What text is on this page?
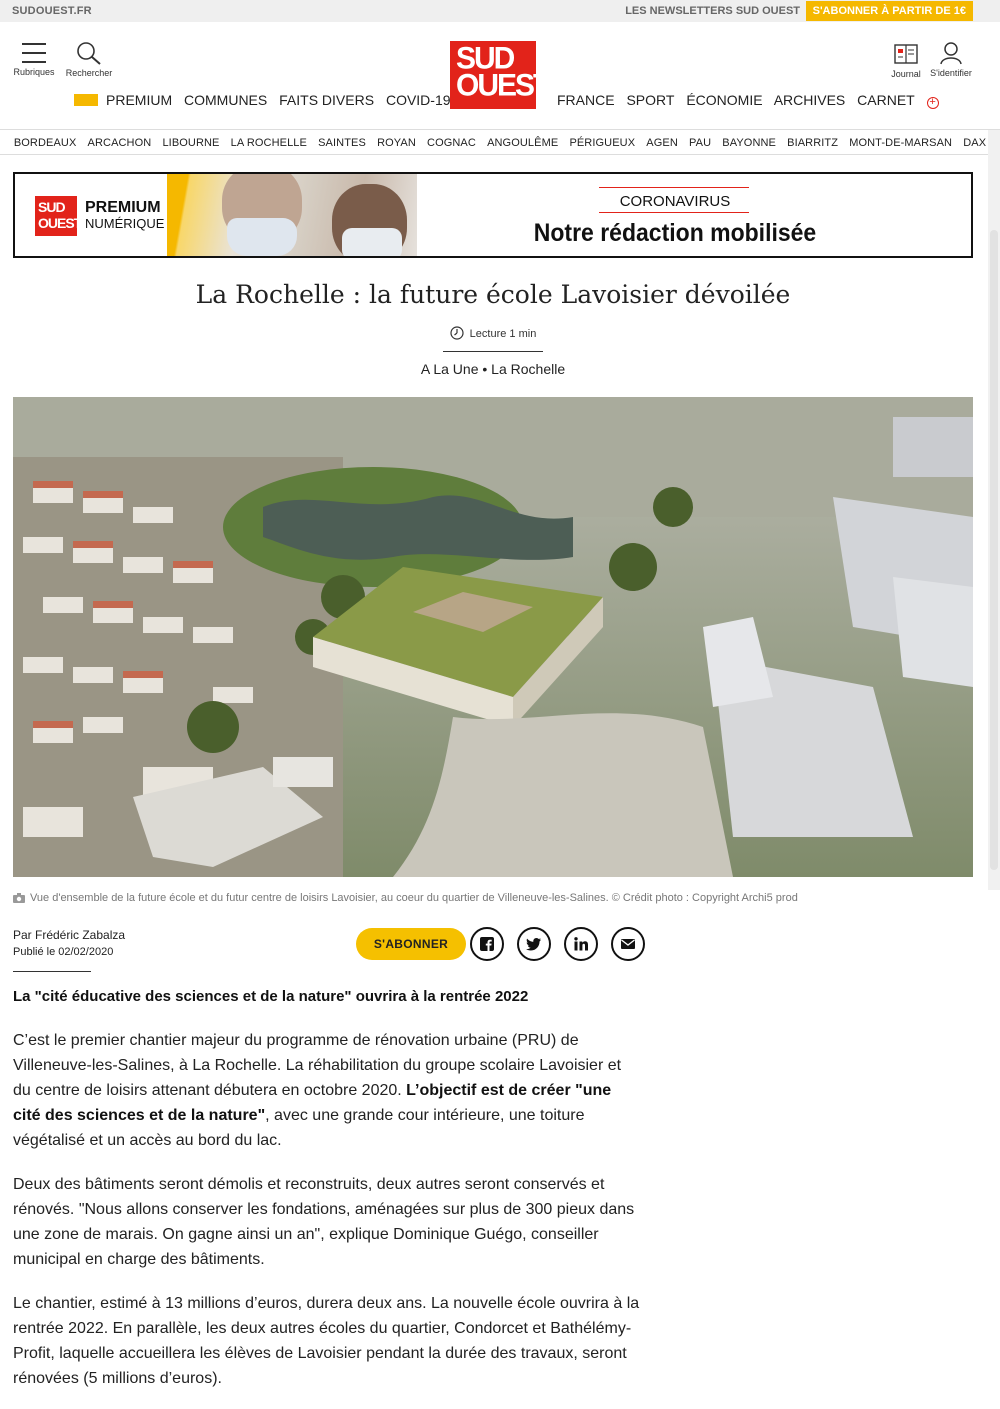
SUDOUEST.FR	LES NEWSLETTERS SUD OUEST	S'ABONNER À PARTIR DE 1€
Rubriques	Rechercher	SUD
OUEST	Journal	S'identifier
PREMIUM COMMUNES FAITS DIVERS COVID-19	FRANCE SPORT ÉCONOMIE ARCHIVES CARNET +
BORDEAUX ARCACHON LIBOURNE LA ROCHELLE SAINTES ROYAN COGNAC ANGOULÊME PÉRIGUEUX AGEN PAU BAYONNE BIARRITZ MONT-DE-MARSAN DAX
SUD
OUEST
PREMIUM
NUMÉRIQUE
CORONAVIRUS
Notre rédaction mobilisée
La Rochelle : la future école Lavoisier dévoilée
Lecture 1 min
A La Une • La Rochelle
Vue d'ensemble de la future école et du futur centre de loisirs Lavoisier, au coeur du quartier de Villeneuve-les-Salines. © Crédit photo : Copyright Archi5 prod
Par Frédéric Zabalza
Publié le 02/02/2020
S'ABONNER
La "cité éducative des sciences et de la nature" ouvrira à la rentrée 2022

C’est le premier chantier majeur du programme de rénovation urbaine (PRU) de Villeneuve-les-Salines, à La Rochelle. La réhabilitation du groupe scolaire Lavoisier et du centre de loisirs attenant débutera en octobre 2020. L’objectif est de créer "une cité des sciences et de la nature", avec une grande cour intérieure, une toiture végétalisé et un accès au bord du lac.

Deux des bâtiments seront démolis et reconstruits, deux autres seront conservés et rénovés. "Nous allons conserver les fondations, aménagées sur plus de 300 pieux dans une zone de marais. On gagne ainsi un an", explique Dominique Guégo, conseiller municipal en charge des bâtiments.

Le chantier, estimé à 13 millions d’euros, durera deux ans. La nouvelle école ouvrira à la rentrée 2022. En parallèle, les deux autres écoles du quartier, Condorcet et Bathélémy-Profit, laquelle accueillera les élèves de Lavoisier pendant la durée des travaux, seront rénovées (5 millions d’euros).
